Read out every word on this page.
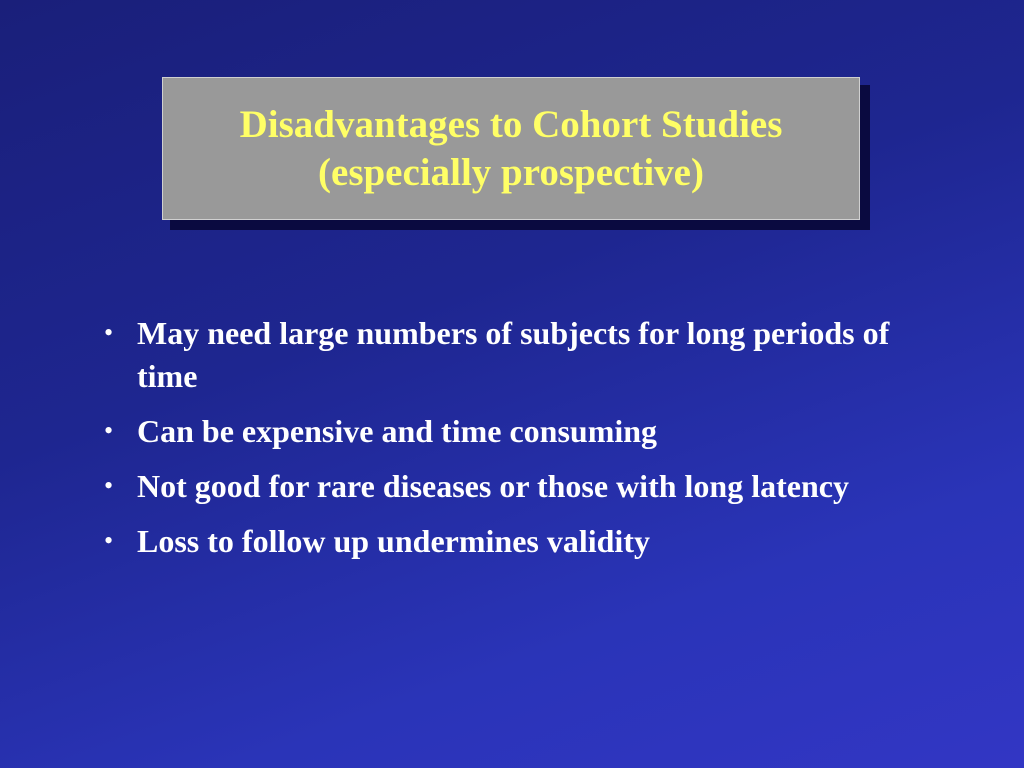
Disadvantages to Cohort Studies
(especially prospective)
• May need large numbers of subjects for long periods of time
• Can be expensive and time consuming
• Not good for rare diseases or those with long latency
• Loss to follow up undermines validity
